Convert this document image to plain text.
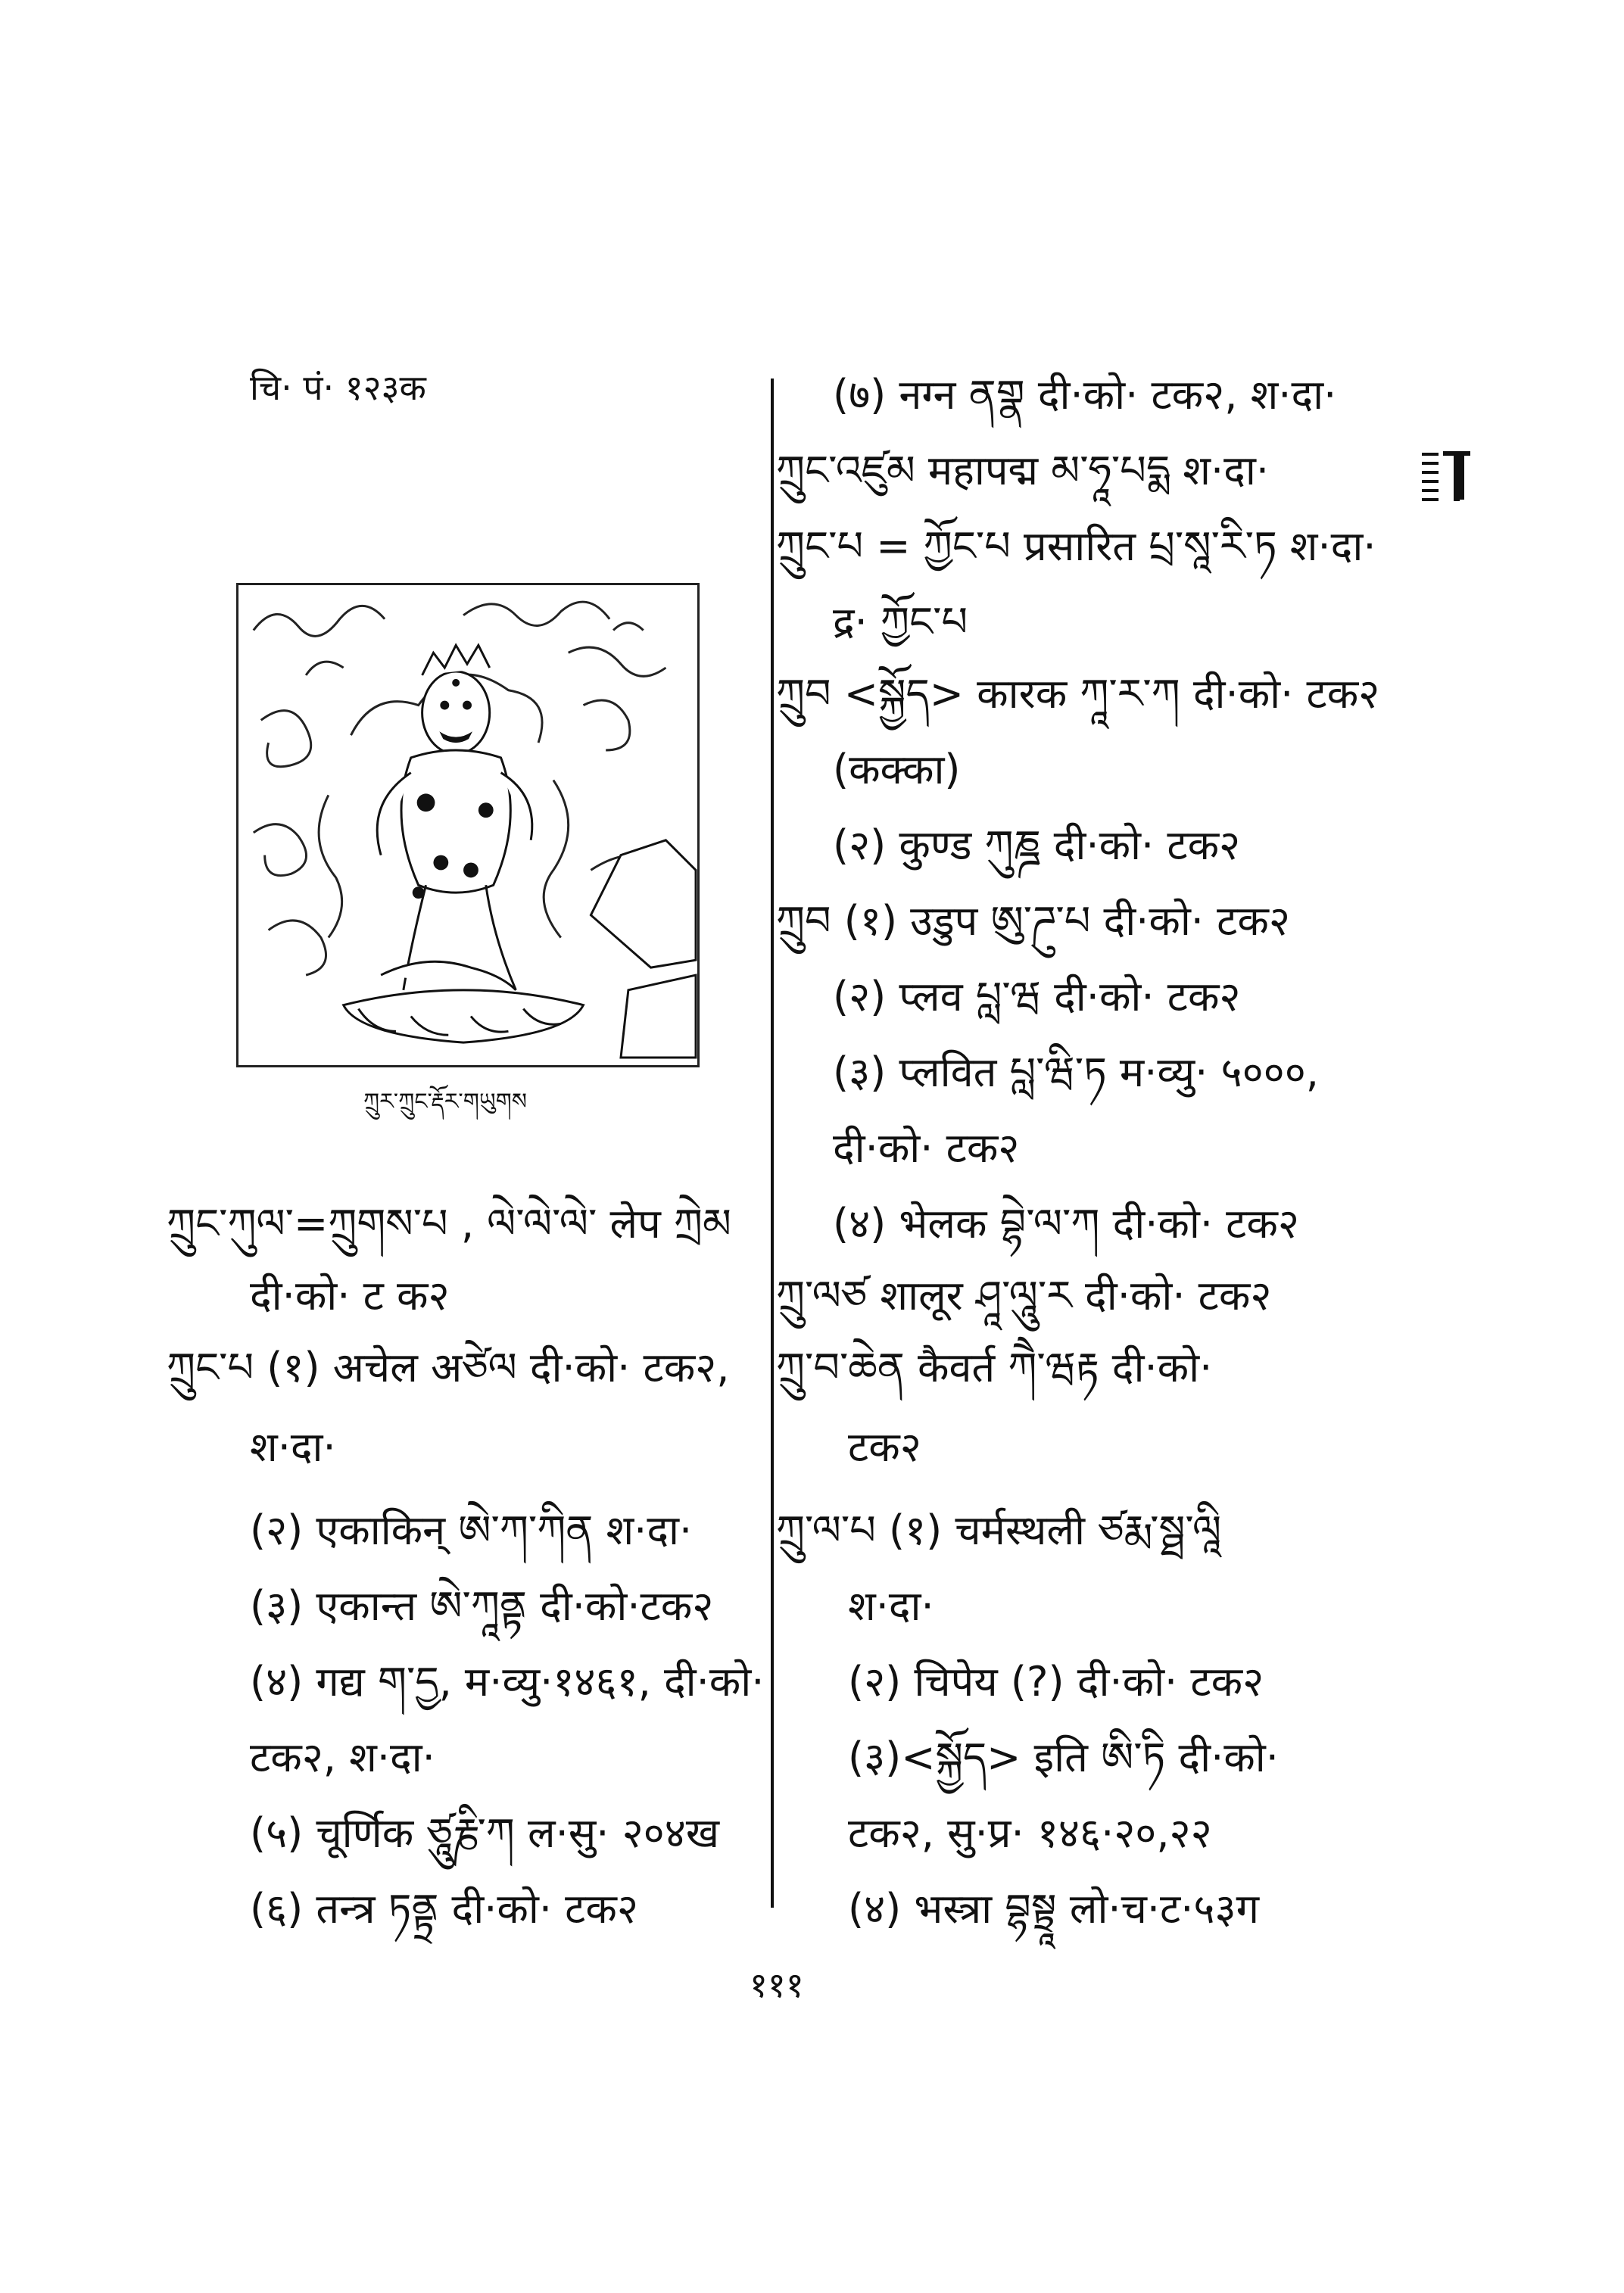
चि· पं· १२३क
ཀྲུར་ཀྲུང་རྡོར་གཡུགས
ཀྲུང་ཀུལ་=ཀྲུགས་པ , ལེ་ལེ་ལེ་ लेप ཀྲེམ
दी·को· ट क२
ཀྲུང་པ (१) अचेल अཙེལ दी·को· टक२,
श·दा·
(२) एकाकिन् ཨེ་ཀ་ཀིན श·दा·
(३) एकान्त ཨེ་ཀཱནྟ दी·को·टक२
(४) गद्य ག་དྱ, म·व्यु·१४६१, दी·को·
टक२, श·दा·
(५) चूर्णिक ཙཱུརྞི་ཀ ल·सु· २०४ख
(६) तन्त्र ཏནྟྲ दी·को· टक२
(७) नग्न ནགྣ दी·को· टक२, श·दा·
ཀྲུང་འཛུམ महापद्म མ་ཧཱ་པདྨ श·दा·
ཀྲུང་པ = ཀྱོང་པ प्रसारित པྲ་སཱ་རི་ཏ श·दा·
द्र· ཀྱོང་པ
ཀྲུབ <སྐྱོད> कारक ཀཱ་ར་ཀ दी·को· टक२
(कक्का)
(२) कुण्ड ཀུཎྜ दी·को· टक२
ཀྲུབ (१) उडुप ཨུ་ཌུ་པ दी·को· टक२
(२) प्लव པླ་ཝ दी·को· टक२
(३) प्लवित པླ་ཝི་ཏ म·व्यु· ५०००,
दी·को· टक२
(४) भेलक བྷེ་ལ་ཀ दी·को· टक२
ཀྲུ་ལཙ शालूर ཤཱ་ལཱུ་ར दी·को· टक२
ཀྲུ་བ་ཆེན कैवर्त ཀཻ་ཝརྟ दी·को·
टक२
ཀྲུ་ལ་པ (१) चर्मस्थली ཙརྨ་སྠ་ལཱི
श·दा·
(२) चिपेय (?) दी·को· टक२
(३)<སྐྱོད> इति ཨི་ཏི दी·को·
टक२, सु·प्र· १४६·२०,२२
(४) भस्त्रा བྷསྟྲཱ लो·च·ट·५३ग
१११
